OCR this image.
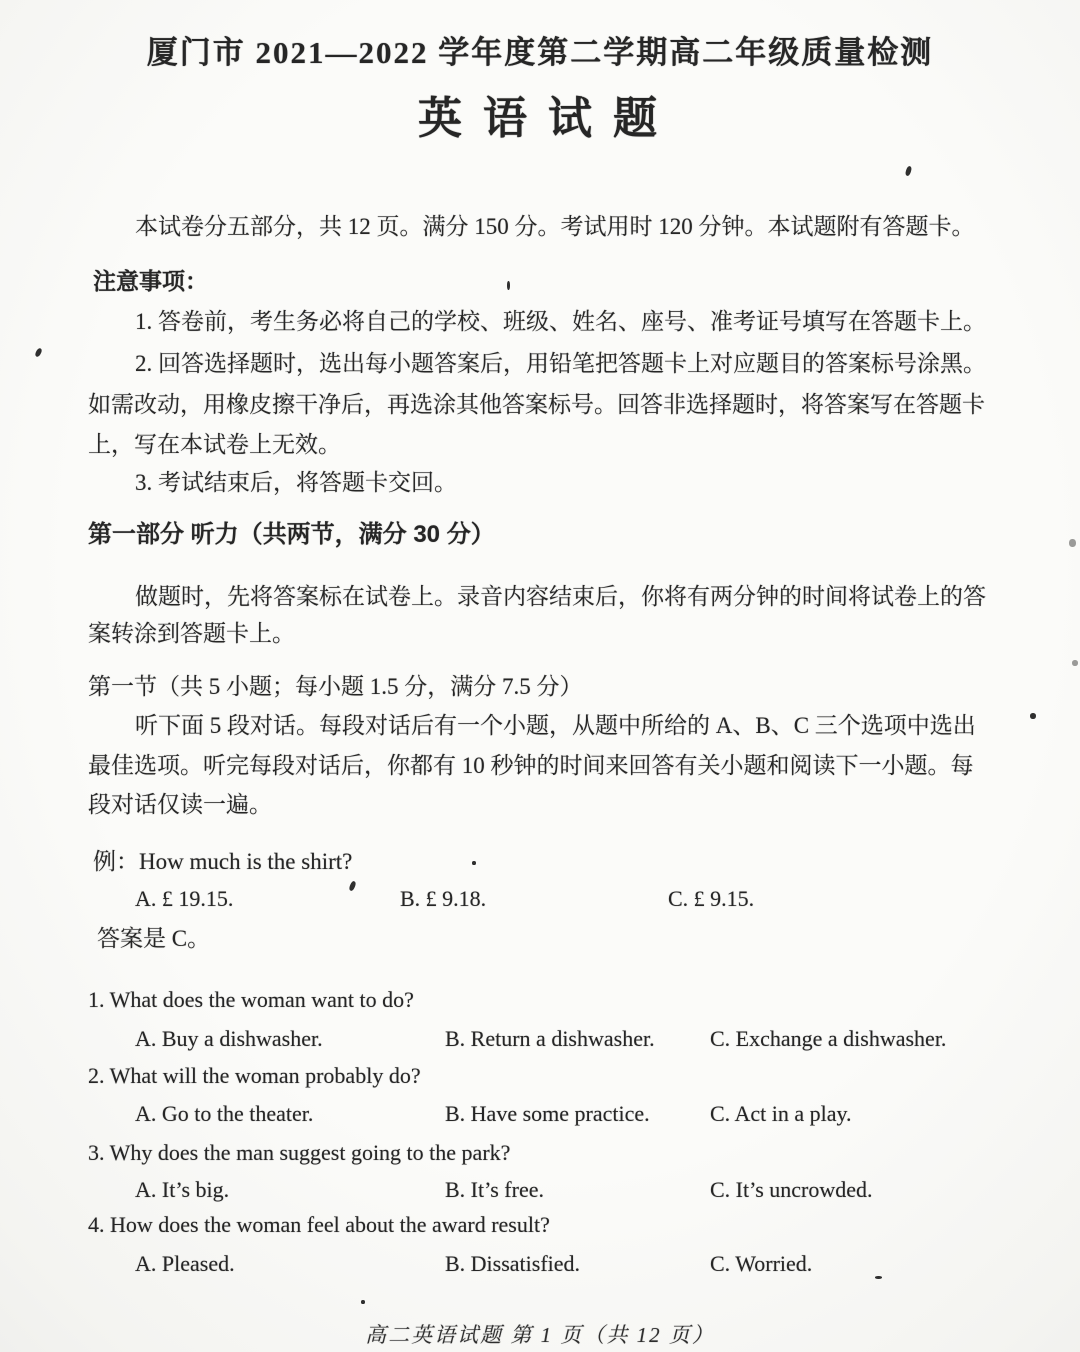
厦门市 2021—2022 学年度第二学期高二年级质量检测
英 语 试 题
本试卷分五部分，共 12 页。满分 150 分。考试用时 120 分钟。本试题附有答题卡。
注意事项：
1. 答卷前，考生务必将自己的学校、班级、姓名、座号、准考证号填写在答题卡上。
2. 回答选择题时，选出每小题答案后，用铅笔把答题卡上对应题目的答案标号涂黑。
如需改动，用橡皮擦干净后，再选涂其他答案标号。回答非选择题时，将答案写在答题卡
上，写在本试卷上无效。
3. 考试结束后，将答题卡交回。
第一部分 听力（共两节，满分 30 分）
做题时，先将答案标在试卷上。录音内容结束后，你将有两分钟的时间将试卷上的答
案转涂到答题卡上。
第一节（共 5 小题；每小题 1.5 分，满分 7.5 分）
听下面 5 段对话。每段对话后有一个小题，从题中所给的 A、B、C 三个选项中选出
最佳选项。听完每段对话后，你都有 10 秒钟的时间来回答有关小题和阅读下一小题。每
段对话仅读一遍。
例：How much is the shirt?
A. £ 19.15.	B. £ 9.18.	C. £ 9.15.
答案是 C。
1. What does the woman want to do?
A. Buy a dishwasher.	B. Return a dishwasher.	C. Exchange a dishwasher.
2. What will the woman probably do?
A. Go to the theater.	B. Have some practice.	C. Act in a play.
3. Why does the man suggest going to the park?
A. It’s big.	B. It’s free.	C. It’s uncrowded.
4. How does the woman feel about the award result?
A. Pleased.	B. Dissatisfied.	C. Worried.
高二英语试题 第 1 页（共 12 页）
